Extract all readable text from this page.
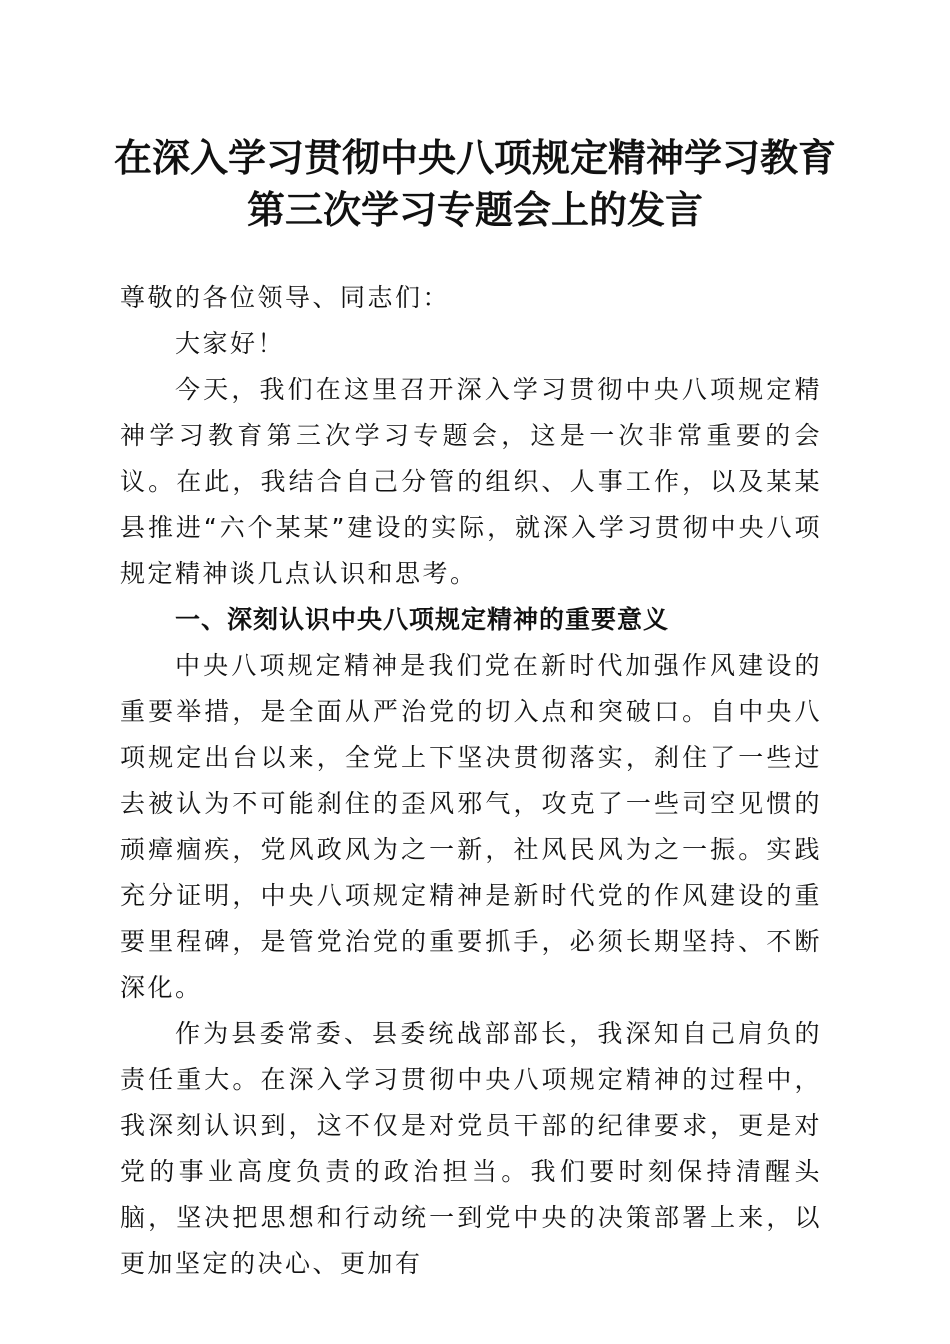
在深入学习贯彻中央八项规定精神学习教育第三次学习专题会上的发言

尊敬的各位领导、同志们：

大家好！

今天，我们在这里召开深入学习贯彻中央八项规定精神学习教育第三次学习专题会，这是一次非常重要的会议。在此，我结合自己分管的组织、人事工作，以及某某县推进“六个某某”建设的实际，就深入学习贯彻中央八项规定精神谈几点认识和思考。

一、深刻认识中央八项规定精神的重要意义

中央八项规定精神是我们党在新时代加强作风建设的重要举措，是全面从严治党的切入点和突破口。自中央八项规定出台以来，全党上下坚决贯彻落实，刹住了一些过去被认为不可能刹住的歪风邪气，攻克了一些司空见惯的顽瘴痼疾，党风政风为之一新，社风民风为之一振。实践充分证明，中央八项规定精神是新时代党的作风建设的重要里程碑，是管党治党的重要抓手，必须长期坚持、不断深化。

作为县委常委、县委统战部部长，我深知自己肩负的责任重大。在深入学习贯彻中央八项规定精神的过程中，我深刻认识到，这不仅是对党员干部的纪律要求，更是对党的事业高度负责的政治担当。我们要时刻保持清醒头脑，坚决把思想和行动统一到党中央的决策部署上来，以更加坚定的决心、更加有
